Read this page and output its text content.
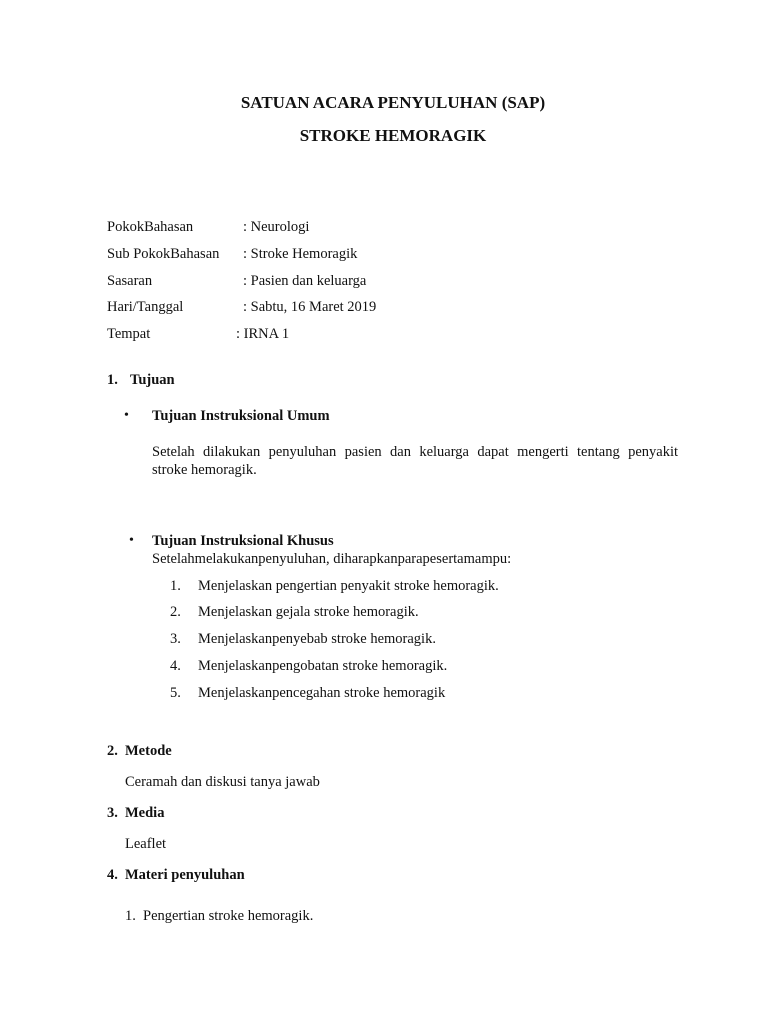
SATUAN ACARA PENYULUHAN (SAP)
STROKE HEMORAGIK
PokokBahasan	: Neurologi
Sub PokokBahasan : Stroke Hemoragik
Sasaran	: Pasien dan keluarga
Hari/Tanggal	: Sabtu, 16 Maret 2019
Tempat	: IRNA 1
1. Tujuan
• Tujuan Instruksional Umum
Setelah dilakukan penyuluhan pasien dan keluarga dapat mengerti tentang penyakit
stroke hemoragik.
• Tujuan Instruksional Khusus
Setelahmelakukanpenyuluhan, diharapkanparapesertamampu:
1. Menjelaskan pengertian penyakit stroke hemoragik.
2. Menjelaskan gejala stroke hemoragik.
3. Menjelaskanpenyebab stroke hemoragik.
4. Menjelaskanpengobatan stroke hemoragik.
5. Menjelaskanpencegahan stroke hemoragik
2. Metode
Ceramah dan diskusi tanya jawab
3. Media
Leaflet
4. Materi penyuluhan
1. Pengertian stroke hemoragik.
